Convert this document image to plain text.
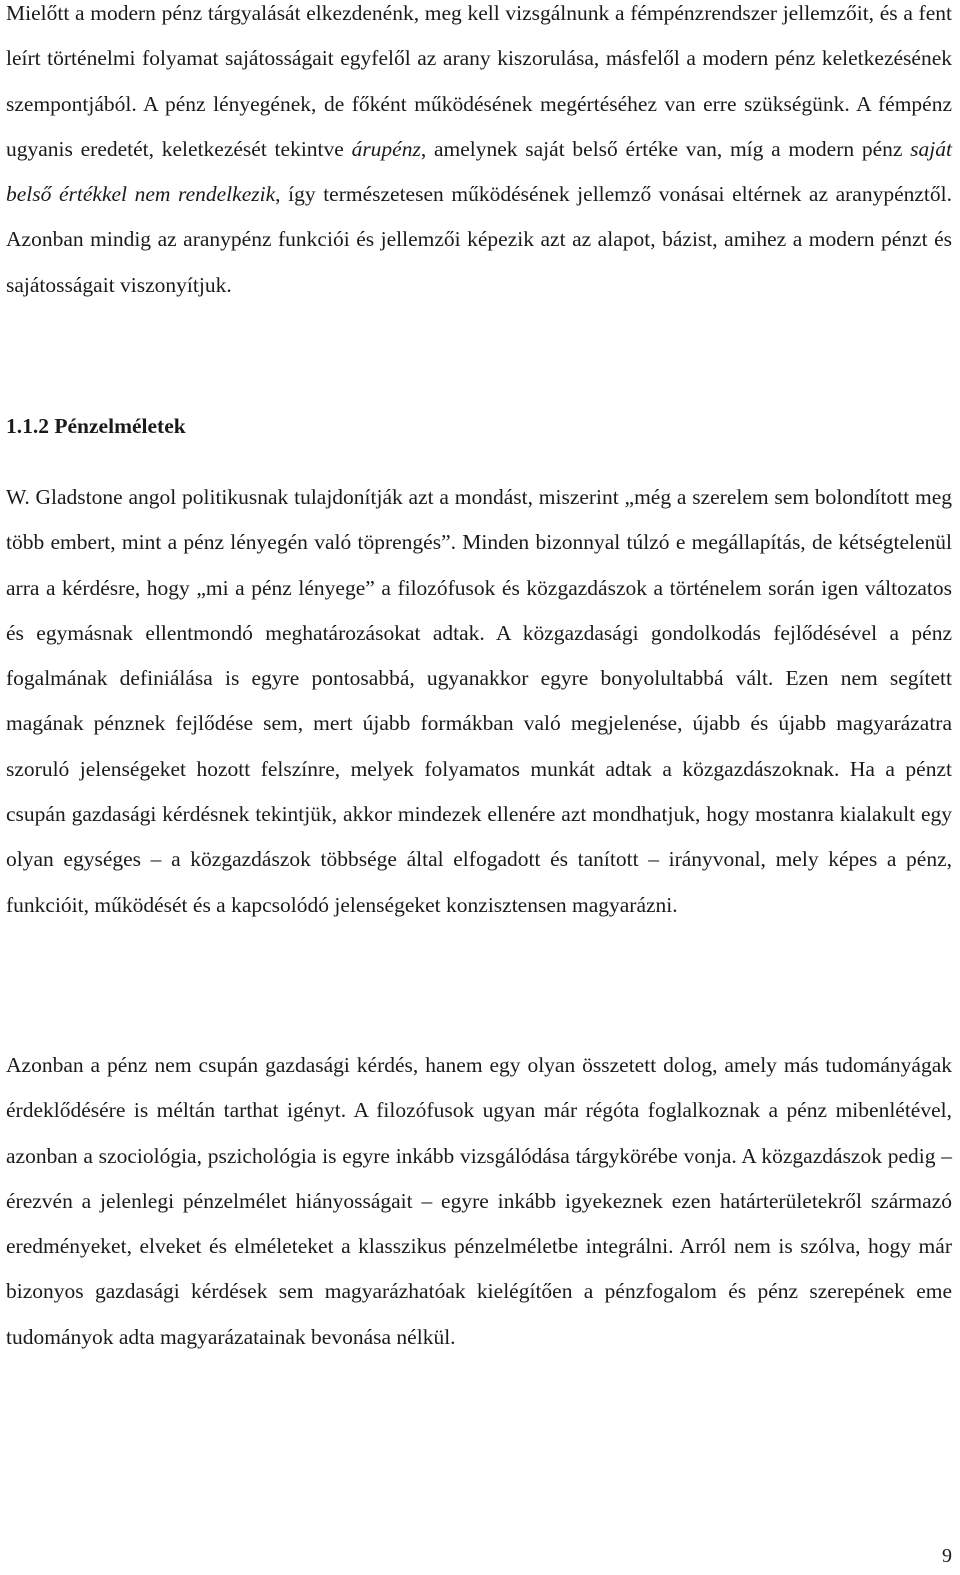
Mielőtt a modern pénz tárgyalását elkezdenénk, meg kell vizsgálnunk a fémpénzrendszer jellemzőit, és a fent leírt történelmi folyamat sajátosságait egyfelől az arany kiszorulása, másfelől a modern pénz keletkezésének szempontjából. A pénz lényegének, de főként működésének megértéséhez van erre szükségünk. A fémpénz ugyanis eredetét, keletkezését tekintve árupénz, amelynek saját belső értéke van, míg a modern pénz saját belső értékkel nem rendelkezik, így természetesen működésének jellemző vonásai eltérnek az aranypénztől. Azonban mindig az aranypénz funkciói és jellemzői képezik azt az alapot, bázist, amihez a modern pénzt és sajátosságait viszonyítjuk.

1.1.2 Pénzelméletek

W. Gladstone angol politikusnak tulajdonítják azt a mondást, miszerint „még a szerelem sem bolondított meg több embert, mint a pénz lényegén való töprengés”. Minden bizonnyal túlzó e megállapítás, de kétségtelenül arra a kérdésre, hogy „mi a pénz lényege” a filozófusok és közgazdászok a történelem során igen változatos és egymásnak ellentmondó meghatározásokat adtak. A közgazdasági gondolkodás fejlődésével a pénz fogalmának definiálása is egyre pontosabbá, ugyanakkor egyre bonyolultabbá vált. Ezen nem segített magának pénznek fejlődése sem, mert újabb formákban való megjelenése, újabb és újabb magyarázatra szoruló jelenségeket hozott felszínre, melyek folyamatos munkát adtak a közgazdászoknak. Ha a pénzt csupán gazdasági kérdésnek tekintjük, akkor mindezek ellenére azt mondhatjuk, hogy mostanra kialakult egy olyan egységes – a közgazdászok többsége által elfogadott és tanított – irányvonal, mely képes a pénz, funkcióit, működését és a kapcsolódó jelenségeket konzisztensen magyarázni.

Azonban a pénz nem csupán gazdasági kérdés, hanem egy olyan összetett dolog, amely más tudományágak érdeklődésére is méltán tarthat igényt. A filozófusok ugyan már régóta foglalkoznak a pénz mibenlétével, azonban a szociológia, pszichológia is egyre inkább vizsgálódása tárgykörébe vonja. A közgazdászok pedig – érezvén a jelenlegi pénzelmélet hiányosságait – egyre inkább igyekeznek ezen határterületekről származó eredményeket, elveket és elméleteket a klasszikus pénzelméletbe integrálni. Arról nem is szólva, hogy már bizonyos gazdasági kérdések sem magyarázhatóak kielégítően a pénzfogalom és pénz szerepének eme tudományok adta magyarázatainak bevonása nélkül.

9
